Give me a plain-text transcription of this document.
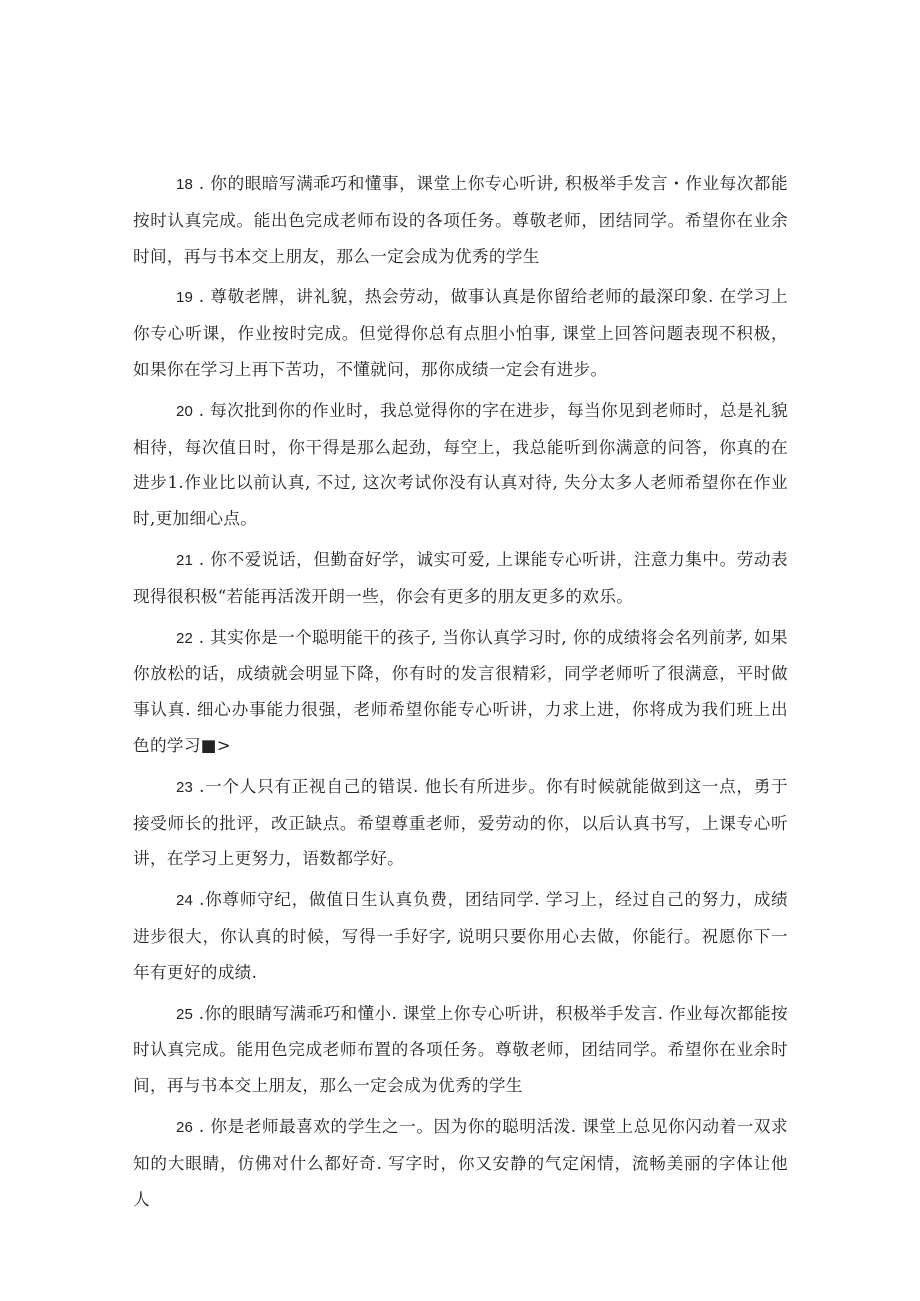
18 . 你的眼暗写满乖巧和懂事，课堂上你专心听讲, 积极举手发言・作业每次都能按时认真完成。能出色完成老师布设的各项任务。尊敬老师，团结同学。希望你在业余时间，再与书本交上朋友，那么一定会成为优秀的学生

19 . 尊敬老牌，讲礼貌，热会劳动，做事认真是你留给老师的最深印象. 在学习上你专心听课，作业按时完成。但觉得你总有点胆小怕事, 课堂上回答问题表现不积极，如果你在学习上再下苦功，不懂就问，那你成绩一定会有进步。

20 . 每次批到你的作业时，我总觉得你的字在进步，每当你见到老师时，总是礼貌相待，每次值日时，你干得是那么起劲，每空上，我总能听到你满意的问答，你真的在进步1.作业比以前认真, 不过, 这次考试你没有认真对待, 失分太多人老师希望你在作业时,更加细心点。

21 . 你不爱说话，但勤奋好学，诚实可爱, 上课能专心听讲，注意力集中。劳动表现得很积极“若能再活泼开朗一些，你会有更多的朋友更多的欢乐。

22 . 其实你是一个聪明能干的孩子, 当你认真学习时, 你的成绩将会名列前茅, 如果你放松的话，成绩就会明显下降，你有时的发言很精彩，同学老师听了很满意，平时做事认真. 细心办事能力很强，老师希望你能专心听讲，力求上进，你将成为我们班上出色的学习■>

23 .一个人只有正视自己的错误. 他长有所进步。你有时候就能做到这一点，勇于接受师长的批评，改正缺点。希望尊重老师，爱劳动的你，以后认真书写，上课专心听讲，在学习上更努力，语数都学好。

24 .你尊师守纪，做值日生认真负费，团结同学. 学习上，经过自己的努力，成绩进步很大，你认真的时候，写得一手好字, 说明只要你用心去做，你能行。祝愿你下一年有更好的成绩.

25 .你的眼睛写满乖巧和懂小. 课堂上你专心听讲，积极举手发言. 作业每次都能按时认真完成。能用色完成老师布置的各项任务。尊敬老师，团结同学。希望你在业余时间，再与书本交上朋友，那么一定会成为优秀的学生

26 . 你是老师最喜欢的学生之一。因为你的聪明活泼. 课堂上总见你闪动着一双求知的大眼睛，仿佛对什么都好奇. 写字时，你又安静的气定闲情，流畅美丽的字体让他人
